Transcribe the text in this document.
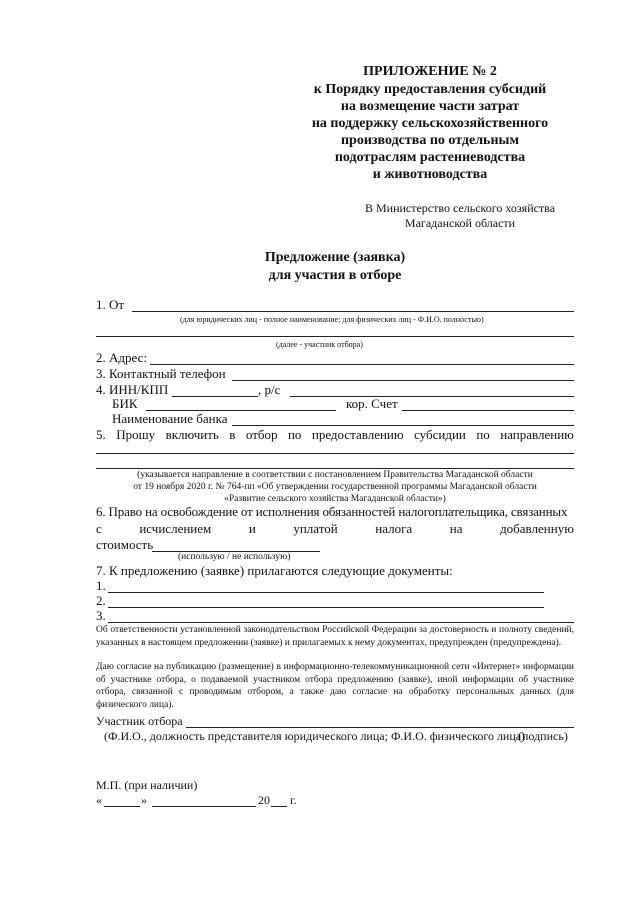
ПРИЛОЖЕНИЕ № 2
к Порядку предоставления субсидий
на возмещение части затрат
на поддержку сельскохозяйственного
производства по отдельным
подотраслям растениеводства
и животноводства
В Министерство сельского хозяйства
Магаданской области
Предложение (заявка)
для участия в отборе
1. От
(для юридических лиц - полное наименование; для физических лиц - Ф.И.О. полностью)
(далее - участник отбора)
2. Адрес:
3. Контактный телефон
4. ИНН/КПП	, р/с
БИК	кор. Счет
Наименование банка
5. Прошу включить в отбор по предоставлению субсидии по направлению
(указывается направление в соответствии с постановлением Правительства Магаданской области
от 19 ноября 2020 г. № 764-пп «Об утверждении государственной программы Магаданской области
«Развитие сельского хозяйства Магаданской области»)
6. Право на освобождение от исполнения обязанностей налогоплательщика, связанных
с	исчислением	и	уплатой	налога	на	добавленную
стоимость
(использую / не использую)
7. К предложению (заявке) прилагаются следующие документы:
1.
2.
3.
Об ответственности установленной законодательством Российской Федерации за достоверность и полноту сведений, указанных в настоящем предложении (заявке) и прилагаемых к нему документах, предупрежден (предупреждена).
Даю согласие на публикацию (размещение) в информационно-телекоммуникационной сети «Интернет» информации об участнике отбора, о подаваемой участником отбора предложению (заявке), иной информации об участнике отбора, связанной с проводимым отбором, а также даю согласие на обработку персональных данных (для физического лица).
Участник отбора
(Ф.И.О., должность представителя юридического лица; Ф.И.О. физического лица)
(подпись)
М.П. (при наличии)
«	»	20 г.
